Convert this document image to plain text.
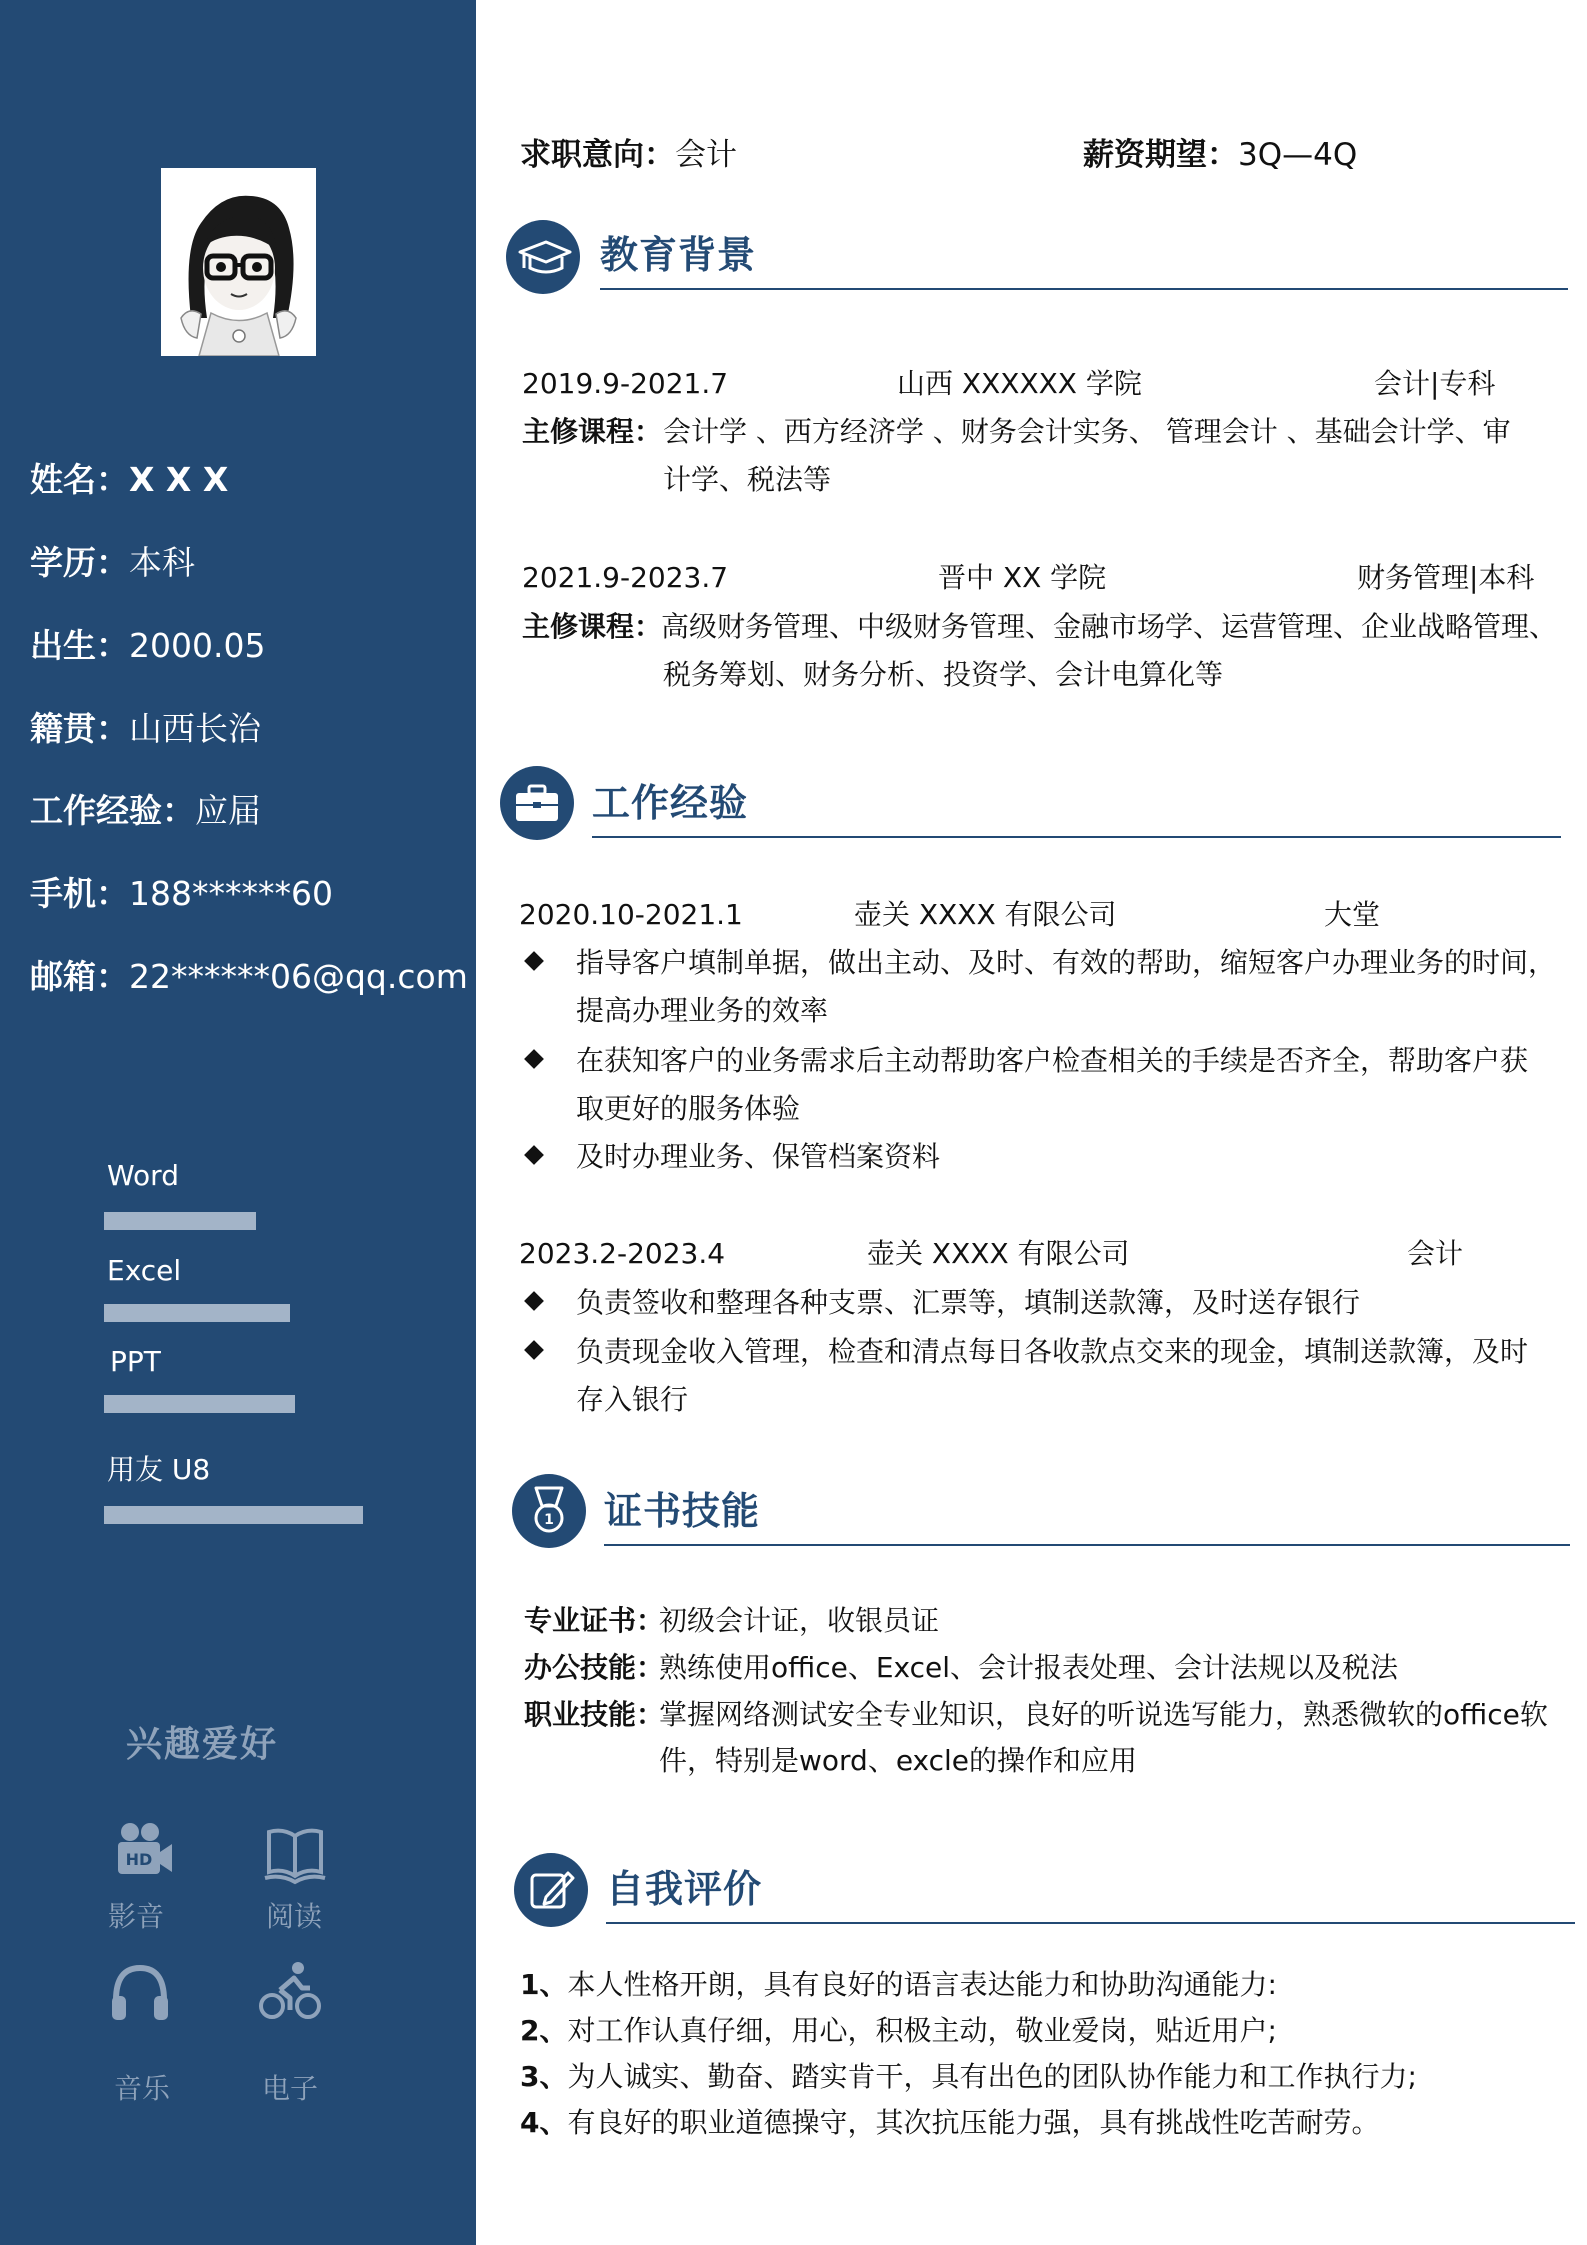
姓名：X X X
学历：本科
出生：2000.05
籍贯：山西长治
工作经验：应届
手机：188******60
邮箱：22******06@qq.com
Word
Excel
PPT
用友 U8
兴趣爱好
HD
影音	阅读
音乐	电子
求职意向：会计	薪资期望：3Q—4Q
教育背景
2019.9-2021.7	山西 XXXXXX 学院	会计|专科
主修课程： 会计学 、西方经济学 、财务会计实务、 管理会计 、基础会计学、审
计学、税法等
2021.9-2023.7	晋中 XX 学院	财务管理|本科
主修课程：
高级财务管理、中级财务管理、金融市场学、运营管理、企业战略管理、
税务筹划、财务分析、投资学、会计电算化等
工作经验
2020.10-2021.1	壶关 XXXX 有限公司	大堂
指导客户填制单据，做出主动、及时、有效的帮助，缩短客户办理业务的时间，
提高办理业务的效率
在获知客户的业务需求后主动帮助客户检查相关的手续是否齐全，帮助客户获
取更好的服务体验
及时办理业务、保管档案资料
2023.2-2023.4	壶关 XXXX 有限公司	会计
负责签收和整理各种支票、汇票等，填制送款簿，及时送存银行
负责现金收入管理，检查和清点每日各收款点交来的现金，填制送款簿，及时
存入银行
1 证书技能
专业证书：
初级会计证，收银员证
办公技能：
熟练使用office、Excel、会计报表处理、会计法规以及税法
职业技能：
掌握网络测试安全专业知识，良好的听说选写能力，熟悉微软的office软
件，特别是word、excle的操作和应用
自我评价
1、本人性格开朗，具有良好的语言表达能力和协助沟通能力:
2、对工作认真仔细，用心，积极主动，敬业爱岗，贴近用户;
3、为人诚实、勤奋、踏实肯干，具有出色的团队协作能力和工作执行力;
4、有良好的职业道德操守，其次抗压能力强，具有挑战性吃苦耐劳。
